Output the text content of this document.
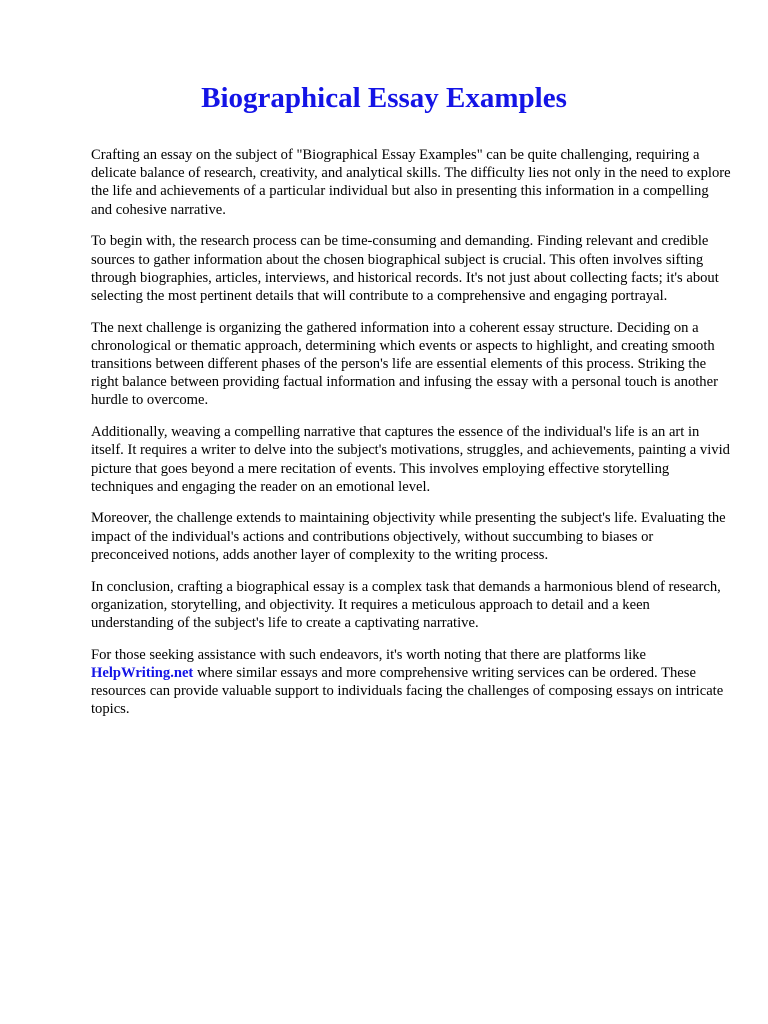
Biographical Essay Examples

Crafting an essay on the subject of "Biographical Essay Examples" can be quite challenging, requiring a delicate balance of research, creativity, and analytical skills. The difficulty lies not only in the need to explore the life and achievements of a particular individual but also in presenting this information in a compelling and cohesive narrative.

To begin with, the research process can be time-consuming and demanding. Finding relevant and credible sources to gather information about the chosen biographical subject is crucial. This often involves sifting through biographies, articles, interviews, and historical records. It's not just about collecting facts; it's about selecting the most pertinent details that will contribute to a comprehensive and engaging portrayal.

The next challenge is organizing the gathered information into a coherent essay structure. Deciding on a chronological or thematic approach, determining which events or aspects to highlight, and creating smooth transitions between different phases of the person's life are essential elements of this process. Striking the right balance between providing factual information and infusing the essay with a personal touch is another hurdle to overcome.

Additionally, weaving a compelling narrative that captures the essence of the individual's life is an art in itself. It requires a writer to delve into the subject's motivations, struggles, and achievements, painting a vivid picture that goes beyond a mere recitation of events. This involves employing effective storytelling techniques and engaging the reader on an emotional level.

Moreover, the challenge extends to maintaining objectivity while presenting the subject's life. Evaluating the impact of the individual's actions and contributions objectively, without succumbing to biases or preconceived notions, adds another layer of complexity to the writing process.

In conclusion, crafting a biographical essay is a complex task that demands a harmonious blend of research, organization, storytelling, and objectivity. It requires a meticulous approach to detail and a keen understanding of the subject's life to create a captivating narrative.

For those seeking assistance with such endeavors, it's worth noting that there are platforms like HelpWriting.net where similar essays and more comprehensive writing services can be ordered. These resources can provide valuable support to individuals facing the challenges of composing essays on intricate topics.
